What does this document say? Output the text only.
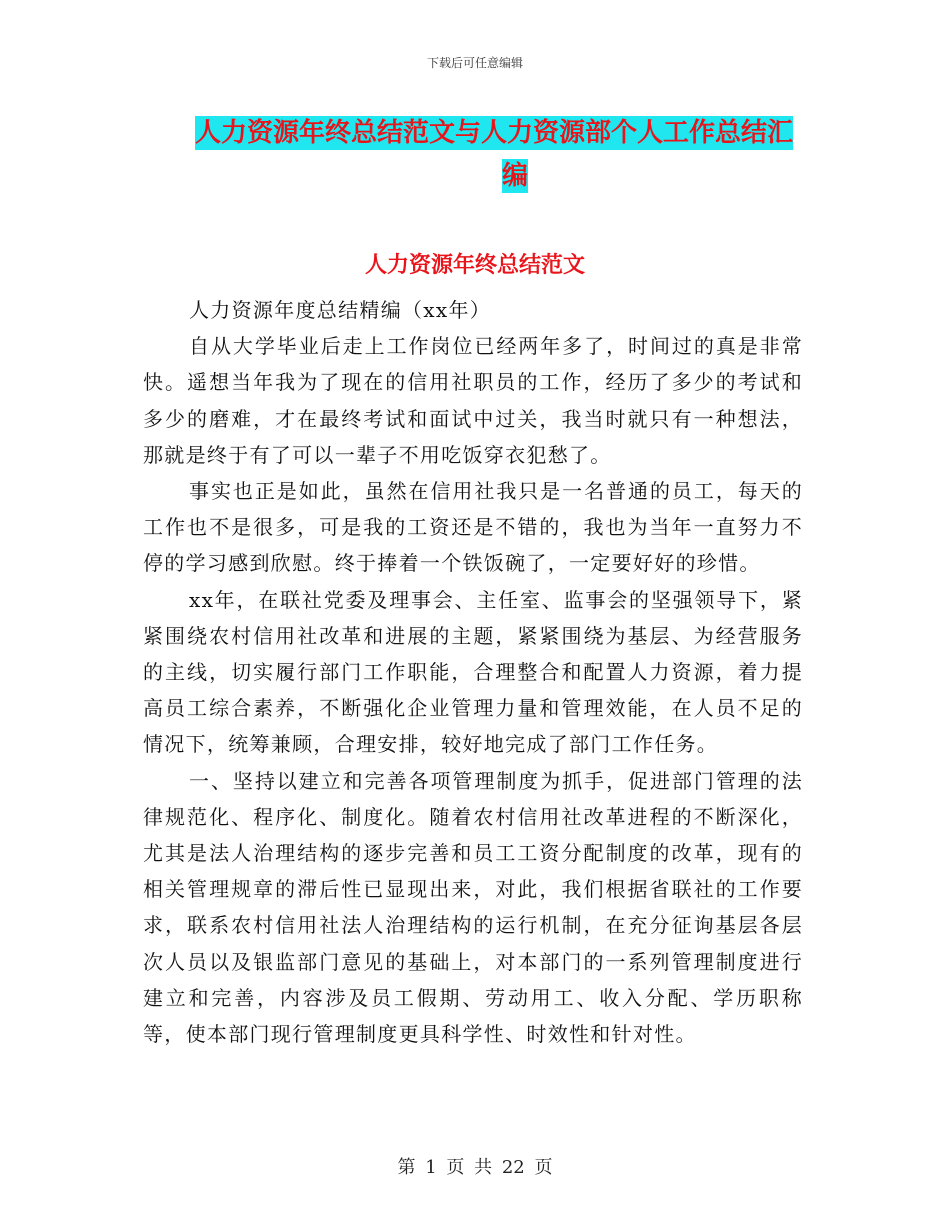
下载后可任意编辑
人力资源年终总结范文与人力资源部个人工作总结汇
编
人力资源年终总结范文

人力资源年度总结精编（xx年）

自从大学毕业后走上工作岗位已经两年多了，时间过的真是非常快。遥想当年我为了现在的信用社职员的工作，经历了多少的考试和多少的磨难，才在最终考试和面试中过关，我当时就只有一种想法，那就是终于有了可以一辈子不用吃饭穿衣犯愁了。

事实也正是如此，虽然在信用社我只是一名普通的员工，每天的工作也不是很多，可是我的工资还是不错的，我也为当年一直努力不停的学习感到欣慰。终于捧着一个铁饭碗了，一定要好好的珍惜。

xx年，在联社党委及理事会、主任室、监事会的坚强领导下，紧紧围绕农村信用社改革和进展的主题，紧紧围绕为基层、为经营服务的主线，切实履行部门工作职能，合理整合和配置人力资源，着力提高员工综合素养，不断强化企业管理力量和管理效能，在人员不足的情况下，统筹兼顾，合理安排，较好地完成了部门工作任务。

一、坚持以建立和完善各项管理制度为抓手，促进部门管理的法律规范化、程序化、制度化。随着农村信用社改革进程的不断深化，尤其是法人治理结构的逐步完善和员工工资分配制度的改革，现有的相关管理规章的滞后性已显现出来，对此，我们根据省联社的工作要求，联系农村信用社法人治理结构的运行机制，在充分征询基层各层次人员以及银监部门意见的基础上，对本部门的一系列管理制度进行建立和完善，内容涉及员工假期、劳动用工、收入分配、学历职称等，使本部门现行管理制度更具科学性、时效性和针对性。

第 1 页 共 22 页
